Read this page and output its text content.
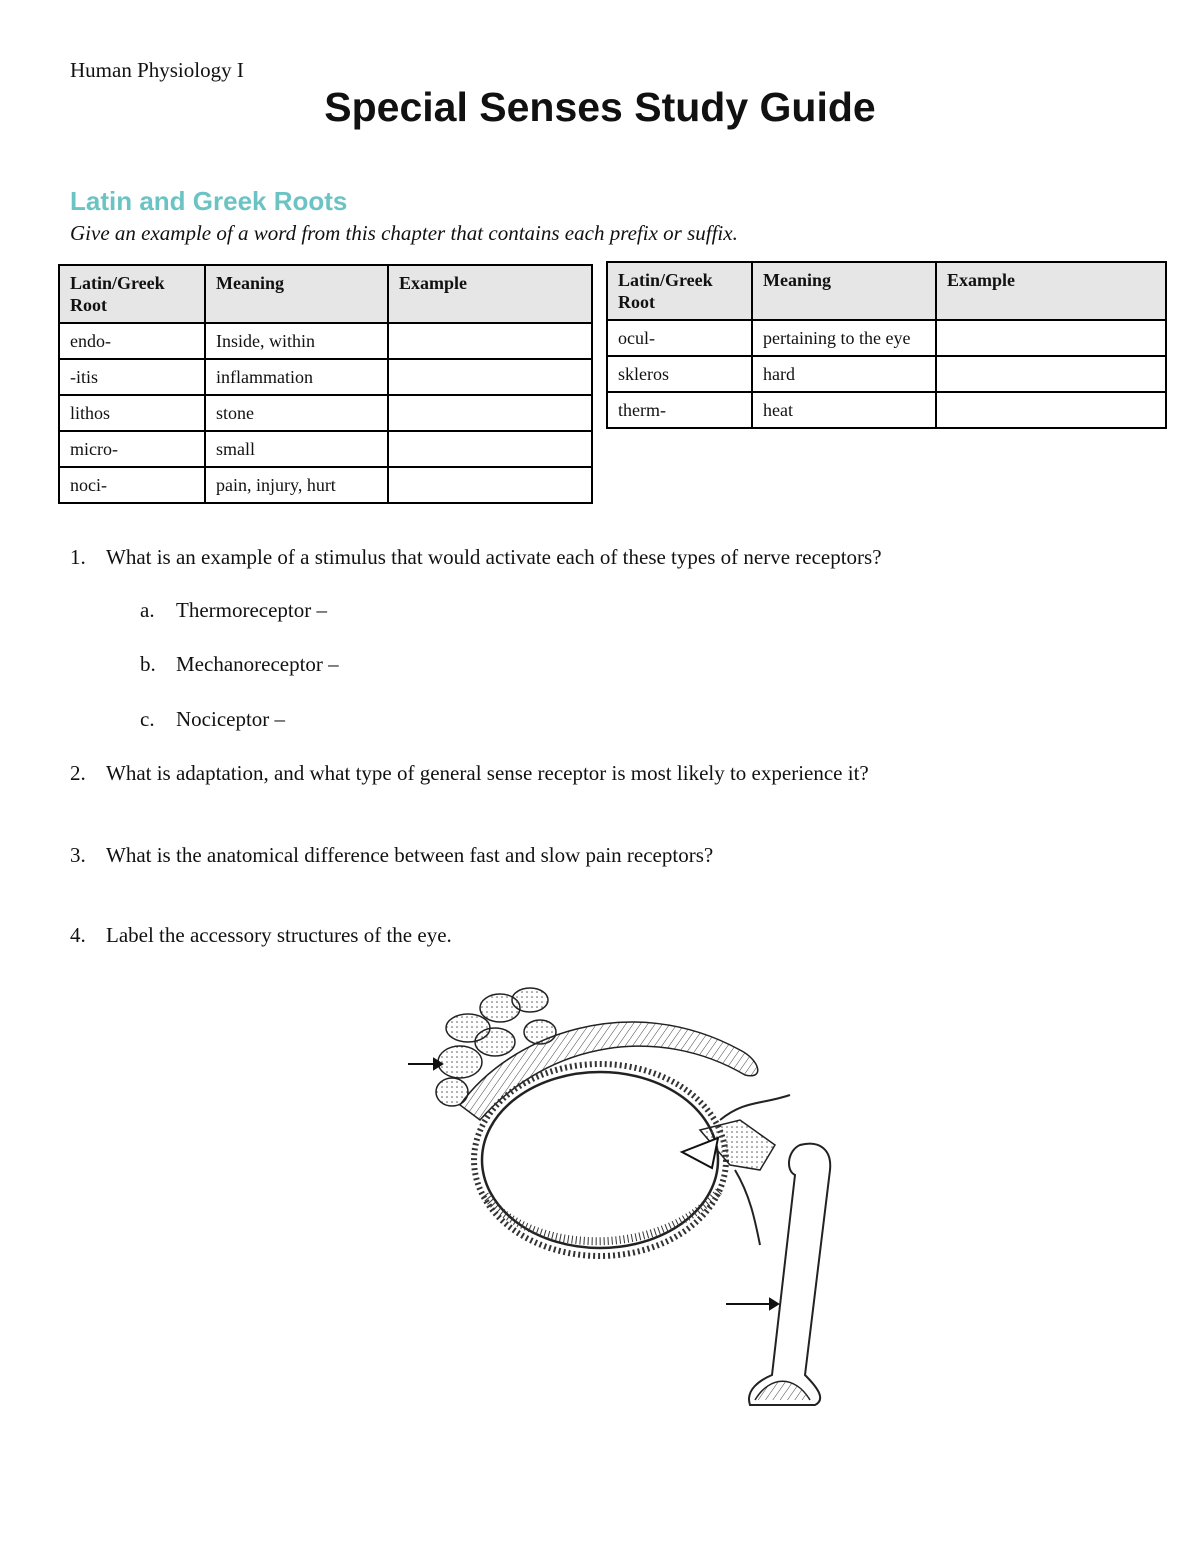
Human Physiology I
Special Senses Study Guide
Latin and Greek Roots
Give an example of a word from this chapter that contains each prefix or suffix.
Latin/Greek Root	Meaning	Example
endo-	Inside, within	
-itis	inflammation	
lithos	stone	
micro-	small	
noci-	pain, injury, hurt	
Latin/Greek Root	Meaning	Example
ocul-	pertaining to the eye	
skleros	hard	
therm-	heat	
1. What is an example of a stimulus that would activate each of these types of nerve receptors?
a. Thermoreceptor –
b. Mechanoreceptor –
c. Nociceptor –
2. What is adaptation, and what type of general sense receptor is most likely to experience it?
3. What is the anatomical difference between fast and slow pain receptors?
4. Label the accessory structures of the eye.
